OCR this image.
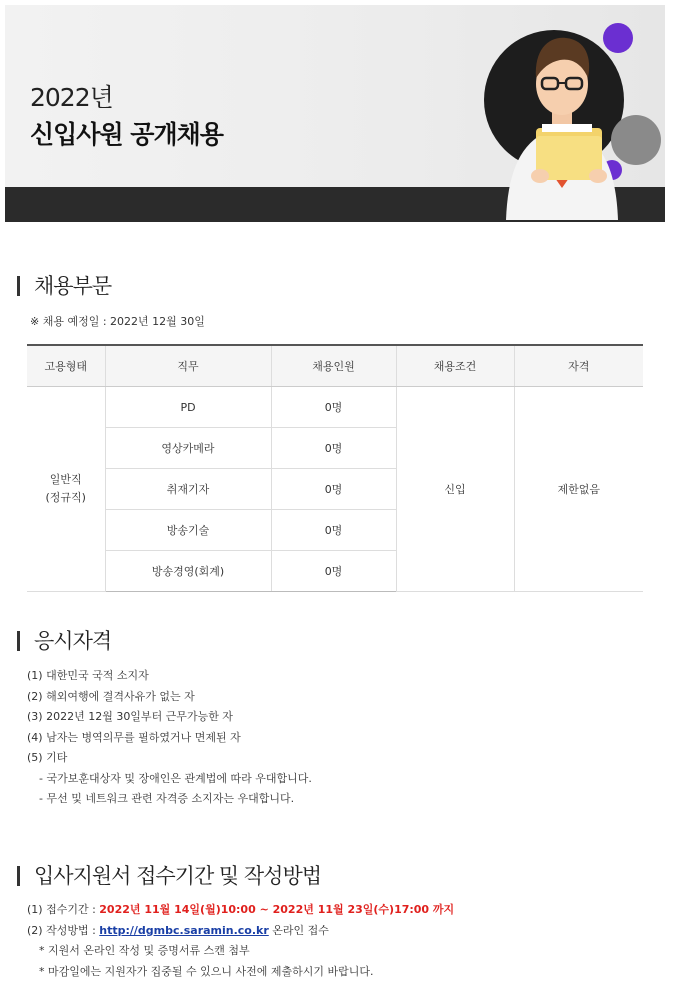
2022년
신입사원 공개채용
채용부문
※ 채용 예정일 : 2022년 12월 30일
고용형태	직무	채용인원	채용조건	자격

일반직
(정규직)	PD	0명	신입	제한없음
	영상카메라	0명		
	취재기자	0명		
	방송기술	0명		
	방송경영(회계)	0명		
응시자격
(1) 대한민국 국적 소지자
(2) 해외여행에 결격사유가 없는 자
(3) 2022년 12월 30일부터 근무가능한 자
(4) 남자는 병역의무를 필하였거나 면제된 자
(5) 기타
- 국가보훈대상자 및 장애인은 관계법에 따라 우대합니다.
- 무선 및 네트워크 관련 자격증 소지자는 우대합니다.
입사지원서 접수기간 및 작성방법
(1) 접수기간 : 2022년 11월 14일(월)10:00 ~ 2022년 11월 23일(수)17:00 까지
(2) 작성방법 : http://dgmbc.saramin.co.kr 온라인 접수
* 지원서 온라인 작성 및 증명서류 스캔 첨부
* 마감일에는 지원자가 집중될 수 있으니 사전에 제출하시기 바랍니다.
